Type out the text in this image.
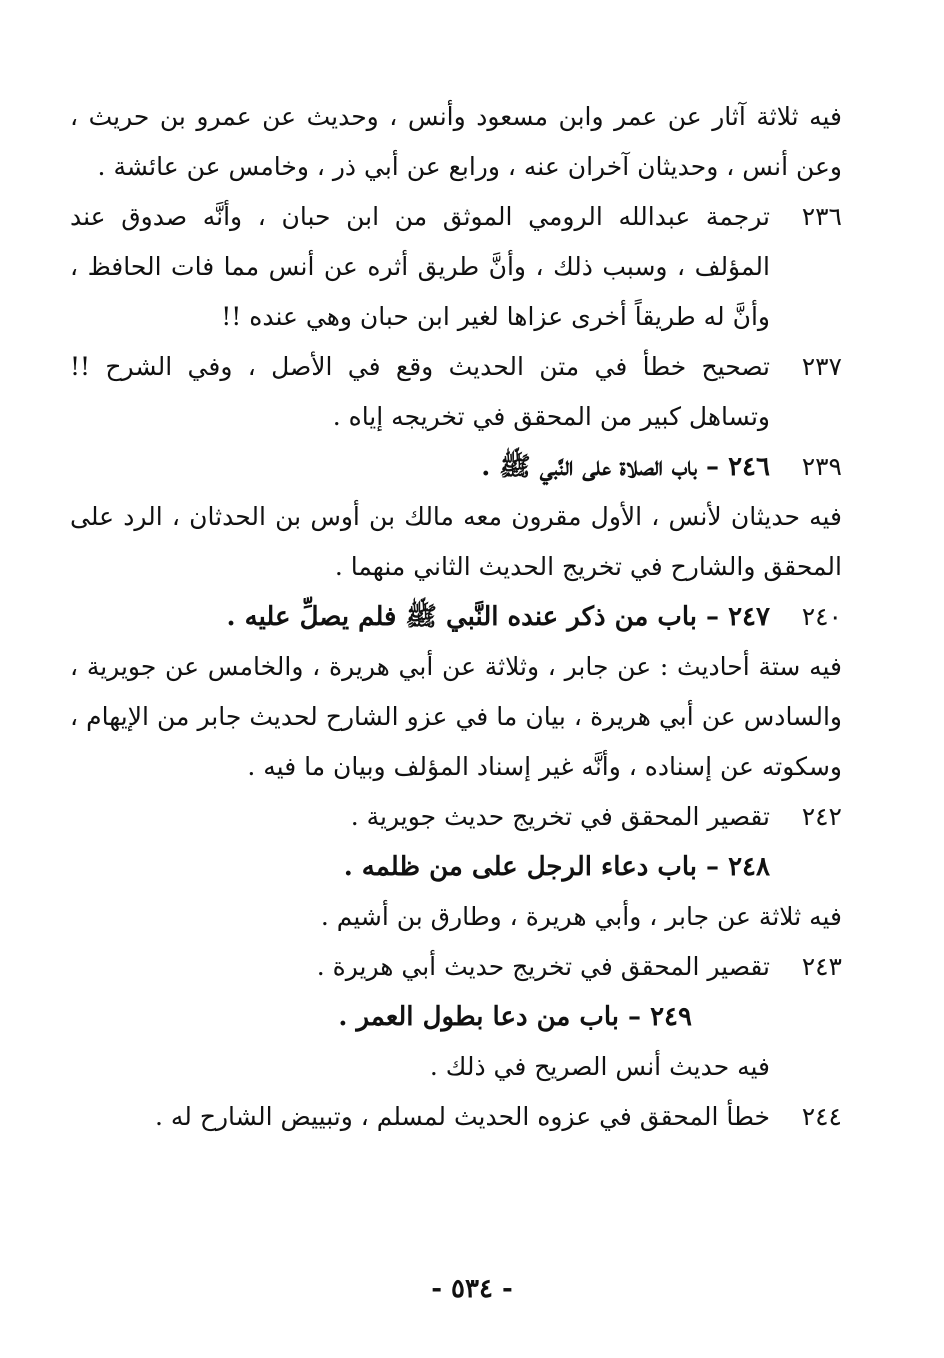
فيه ثلاثة آثار عن عمر وابن مسعود وأنس ، وحديث عن عمرو بن حريث ، وعن أنس ، وحديثان آخران عنه ، ورابع عن أبي ذر ، وخامس عن عائشة .
٢٣٦
ترجمة عبدالله الرومي الموثق من ابن حبان ، وأنَّه صدوق عند المؤلف ، وسبب ذلك ، وأنَّ طريق أثره عن أنس مما فات الحافظ ، وأنَّ له طريقاً أخرى عزاها لغير ابن حبان وهي عنده !!
٢٣٧
تصحيح خطأ في متن الحديث وقع في الأصل ، وفي الشرح !! وتساهل كبير من المحقق في تخريجه إياه .
٢٣٩
٢٤٦ – باب الصلاة على النَّبي ﷺ .
فيه حديثان لأنس ، الأول مقرون معه مالك بن أوس بن الحدثان ، الرد على المحقق والشارح في تخريج الحديث الثاني منهما .
٢٤٠
٢٤٧ – باب من ذكر عنده النَّبي ﷺ فلم يصلِّ عليه .
فيه ستة أحاديث : عن جابر ، وثلاثة عن أبي هريرة ، والخامس عن جويرية ، والسادس عن أبي هريرة ، بيان ما في عزو الشارح لحديث جابر من الإيهام ، وسكوته عن إسناده ، وأنَّه غير إسناد المؤلف وبيان ما فيه .
٢٤٢
تقصير المحقق في تخريج حديث جويرية .
٢٤٨ – باب دعاء الرجل على من ظلمه .
فيه ثلاثة عن جابر ، وأبي هريرة ، وطارق بن أشيم .
٢٤٣
تقصير المحقق في تخريج حديث أبي هريرة .
٢٤٩ – باب من دعا بطول العمر .
فيه حديث أنس الصريح في ذلك .
٢٤٤
خطأ المحقق في عزوه الحديث لمسلم ، وتبييض الشارح له .
- ٥٣٤ -
